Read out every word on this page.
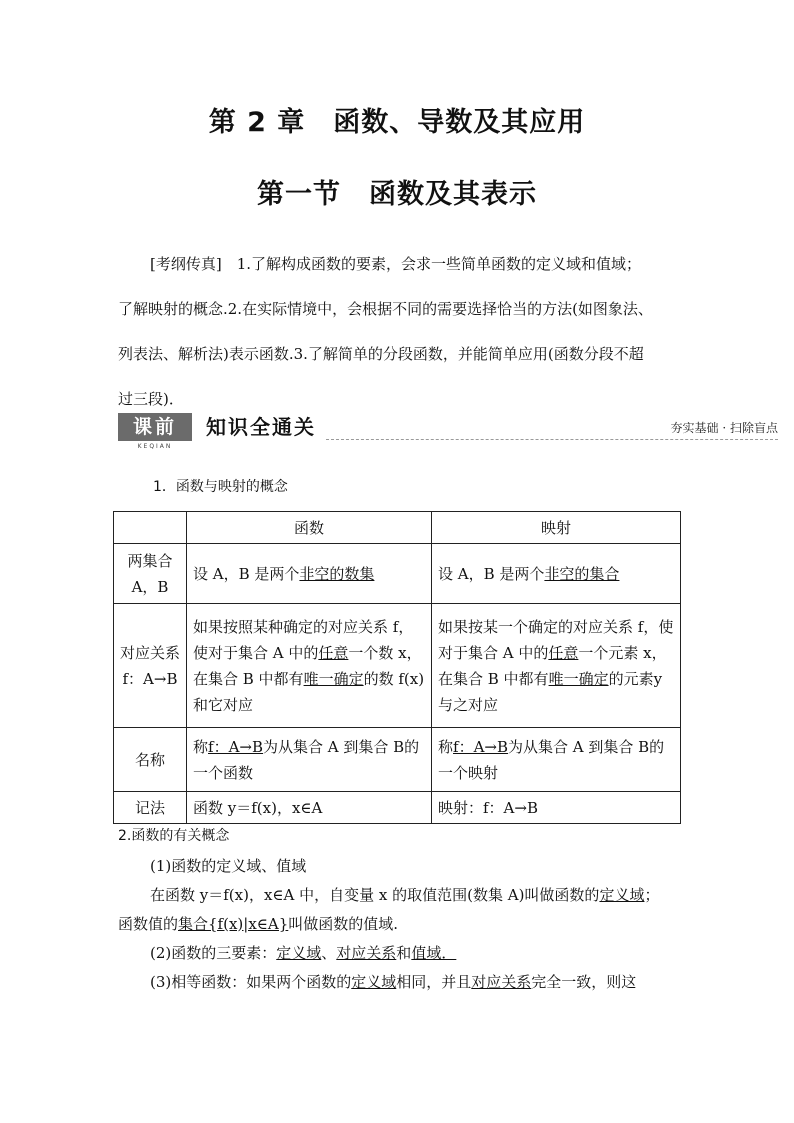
第 2 章　函数、导数及其应用
第一节　函数及其表示

[考纲传真]　1.了解构成函数的要素，会求一些简单函数的定义域和值域；

了解映射的概念.2.在实际情境中，会根据不同的需要选择恰当的方法(如图象法、

列表法、解析法)表示函数.3.了解简单的分段函数，并能简单应用(函数分段不超

过三段)．

课前
KEQIAN
知识全通关	夯实基础 · 扫除盲点
1．函数与映射的概念
	函数	映射
两集合 A，B	设 A，B 是两个非空的数集	设 A，B 是两个非空的集合
对应关系 f：A→B	如果按照某种确定的对应关系 f，使对于集合 A 中的任意一个数 x，在集合 B 中都有唯一确定的数 f(x)和它对应	如果按某一个确定的对应关系 f，使对于集合 A 中的任意一个元素 x，在集合 B 中都有唯一确定的元素y 与之对应
名称	称f：A→B为从集合 A 到集合 B的一个函数	称f：A→B为从集合 A 到集合 B的一个映射
记法	函数 y＝f(x)，x∈A	映射：f：A→B
2.函数的有关概念

(1)函数的定义域、值域

在函数 y＝f(x)，x∈A 中，自变量 x 的取值范围(数集 A)叫做函数的定义域；

函数值的集合{f(x)|x∈A}叫做函数的值域.

(2)函数的三要素：定义域、对应关系和值域．

(3)相等函数：如果两个函数的定义域相同，并且对应关系完全一致，则这
